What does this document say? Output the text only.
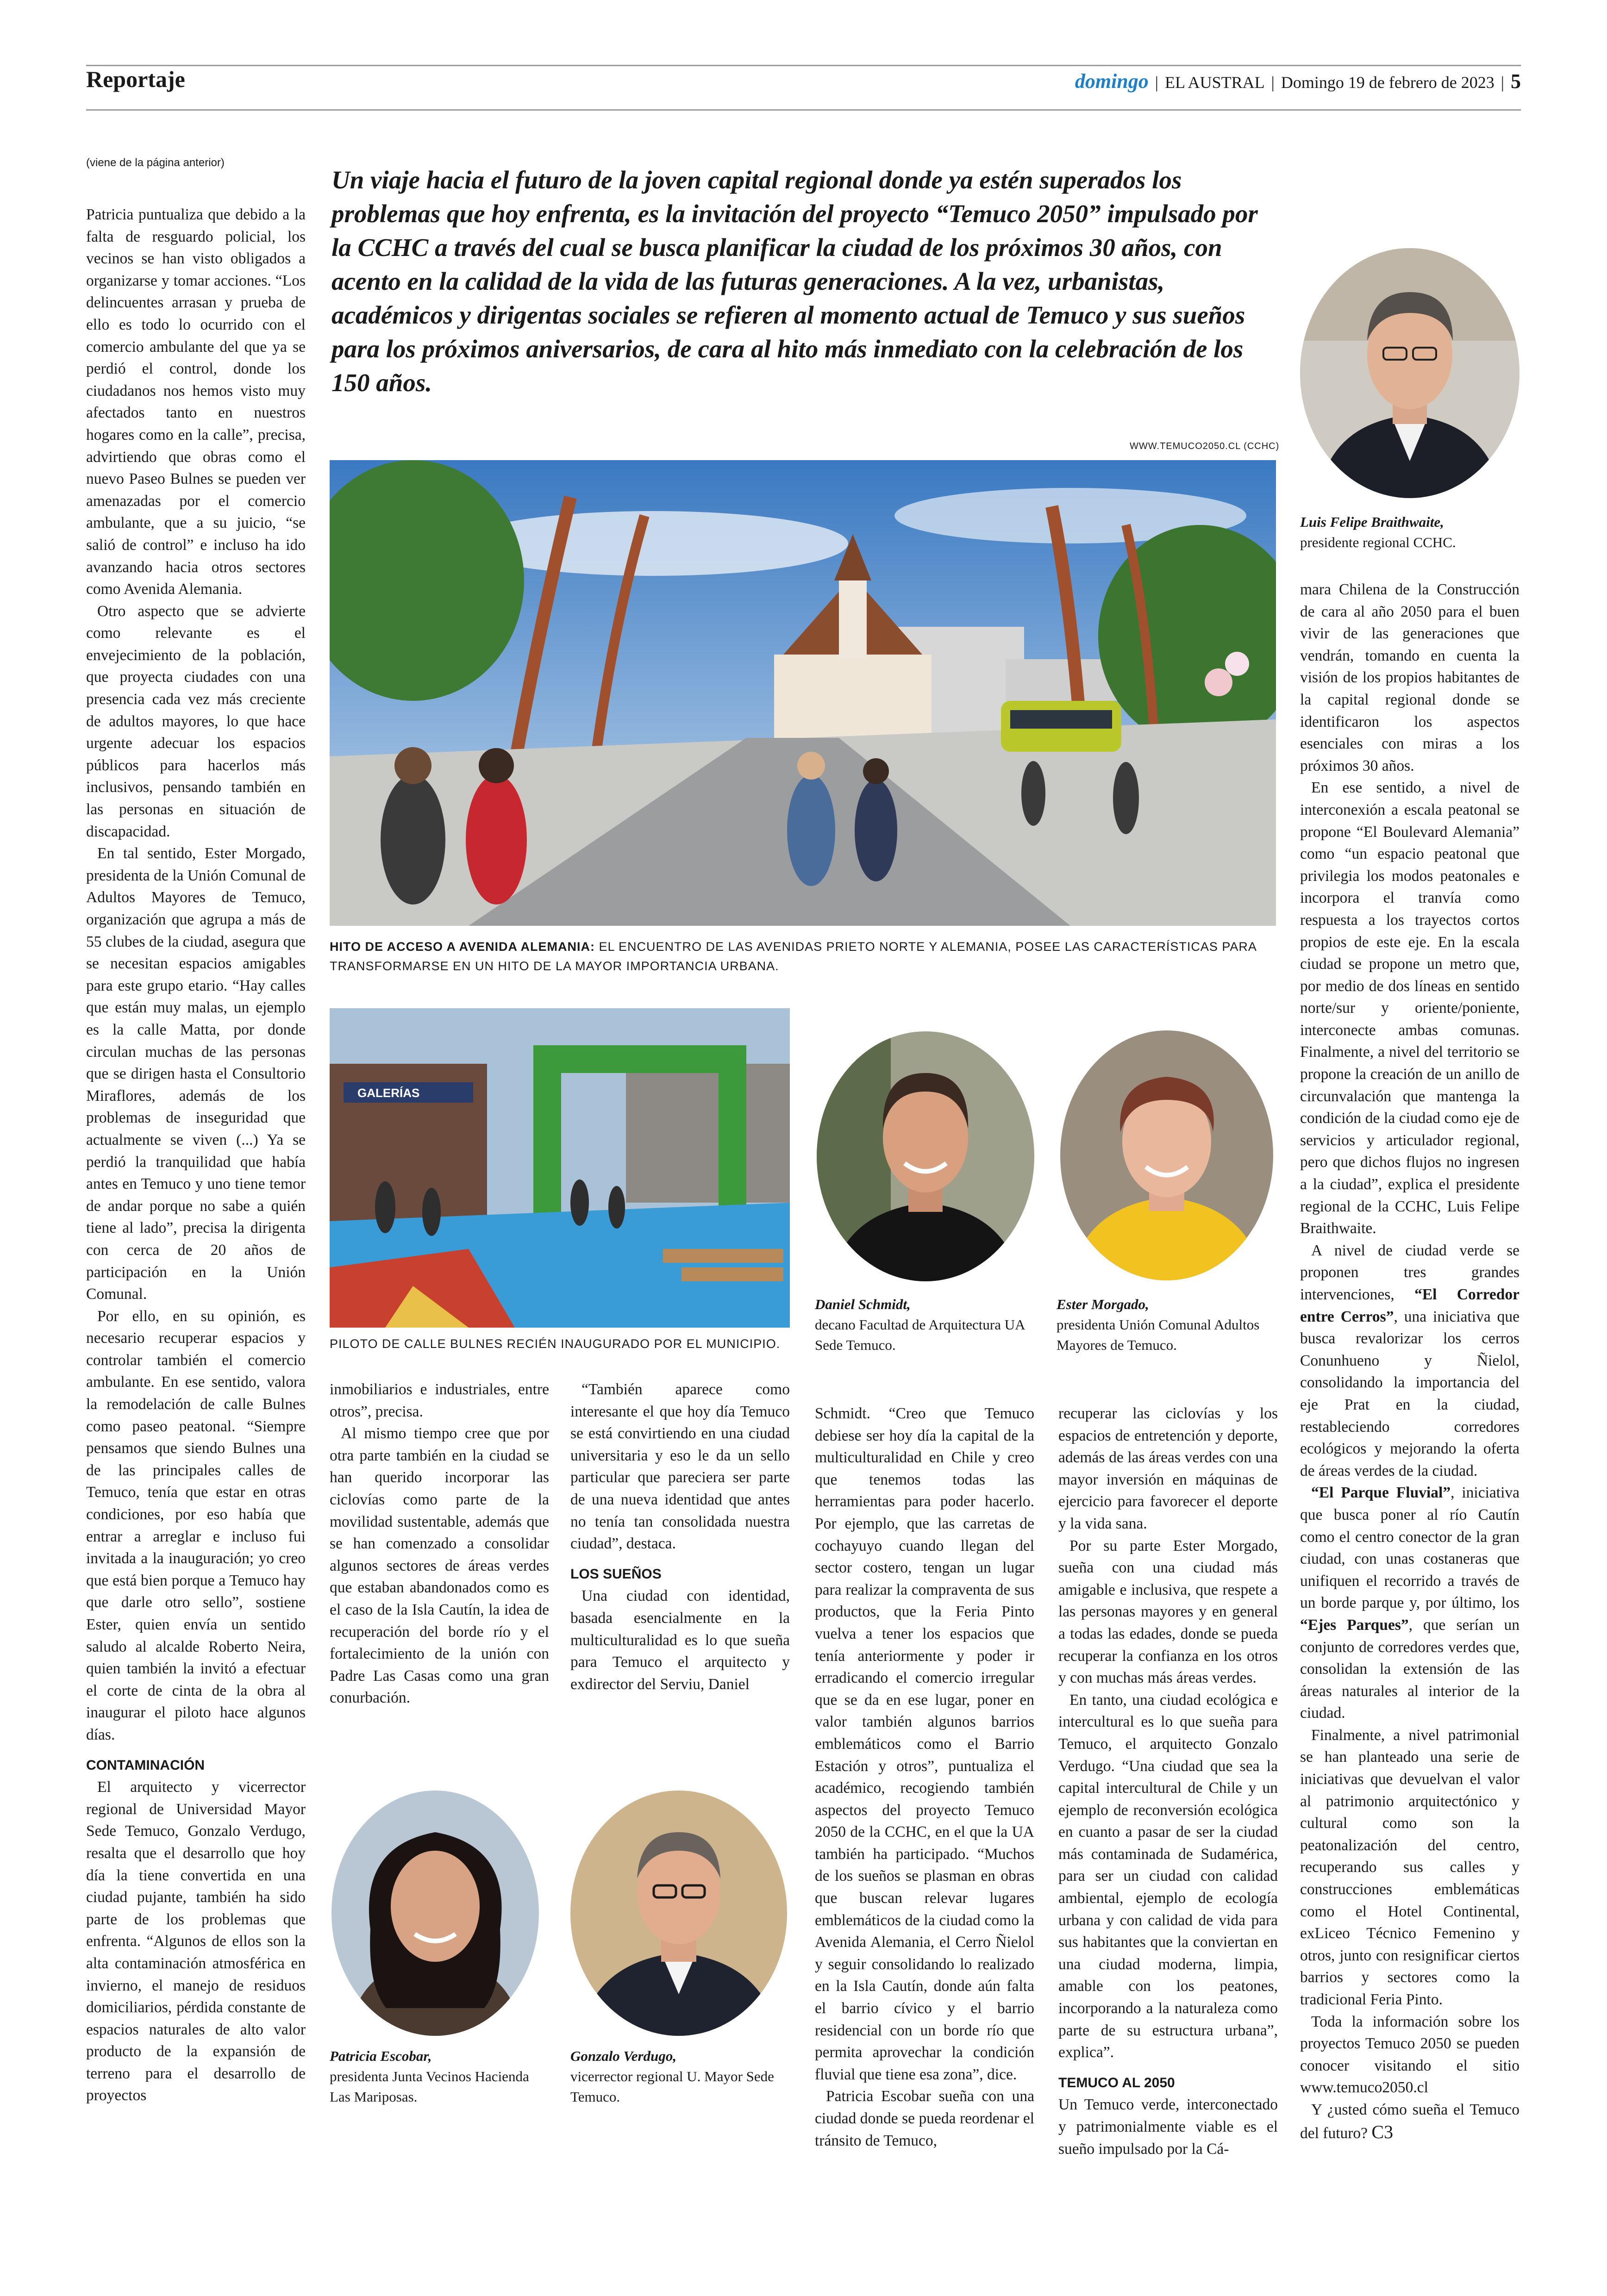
Reportaje	domingo | EL AUSTRAL | Domingo 19 de febrero de 2023 | 5
(viene de la página anterior)
Un viaje hacia el futuro de la joven capital regional donde ya estén superados los problemas que hoy enfrenta, es la invitación del proyecto “Temuco 2050” impulsado por la CCHC a través del cual se busca planificar la ciudad de los próximos 30 años, con acento en la calidad de la vida de las futuras generaciones. A la vez, urbanistas, académicos y dirigentas sociales se refieren al momento actual de Temuco y sus sueños para los próximos aniversarios, de cara al hito más inmediato con la celebración de los 150 años.
Luis Felipe Braithwaite,
presidente regional CCHC.
WWW.TEMUCO2050.CL (CCHC)
HITO DE ACCESO A AVENIDA ALEMANIA: EL ENCUENTRO DE LAS AVENIDAS PRIETO NORTE Y ALEMANIA, POSEE LAS CARACTERÍSTICAS PARA TRANSFORMARSE EN UN HITO DE LA MAYOR IMPORTANCIA URBANA.
GALERÍAS
PILOTO DE CALLE BULNES RECIÉN INAUGURADO POR EL MUNICIPIO.
Daniel Schmidt,
decano Facultad de Arquitectura UA Sede Temuco.
Ester Morgado,
presidenta Unión Comunal Adultos Mayores de Temuco.
Patricia Escobar,
presidenta Junta Vecinos Hacienda Las Mariposas.
Gonzalo Verdugo,
vicerrector regional U. Mayor Sede Temuco.

Patricia puntualiza que debido a la falta de resguardo policial, los vecinos se han visto obligados a organizarse y tomar acciones. “Los delincuentes arrasan y prueba de ello es todo lo ocurrido con el comercio ambulante del que ya se perdió el control, donde los ciudadanos nos hemos visto muy afectados tanto en nuestros hogares como en la calle”, precisa, advirtiendo que obras como el nuevo Paseo Bulnes se pueden ver amenazadas por el comercio ambulante, que a su juicio, “se salió de control” e incluso ha ido avanzando hacia otros sectores como Avenida Alemania.

Otro aspecto que se advierte como relevante es el envejecimiento de la población, que proyecta ciudades con una presencia cada vez más creciente de adultos mayores, lo que hace urgente adecuar los espacios públicos para hacerlos más inclusivos, pensando también en las personas en situación de discapacidad.

En tal sentido, Ester Morgado, presidenta de la Unión Comunal de Adultos Mayores de Temuco, organización que agrupa a más de 55 clubes de la ciudad, asegura que se necesitan espacios amigables para este grupo etario. “Hay calles que están muy malas, un ejemplo es la calle Matta, por donde circulan muchas de las personas que se dirigen hasta el Consultorio Miraflores, además de los problemas de inseguridad que actualmente se viven (...) Ya se perdió la tranquilidad que había antes en Temuco y uno tiene temor de andar porque no sabe a quién tiene al lado”, precisa la dirigenta con cerca de 20 años de participación en la Unión Comunal.

Por ello, en su opinión, es necesario recuperar espacios y controlar también el comercio ambulante. En ese sentido, valora la remodelación de calle Bulnes como paseo peatonal. “Siempre pensamos que siendo Bulnes una de las principales calles de Temuco, tenía que estar en otras condiciones, por eso había que entrar a arreglar e incluso fui invitada a la inauguración; yo creo que está bien porque a Temuco hay que darle otro sello”, sostiene Ester, quien envía un sentido saludo al alcalde Roberto Neira, quien también la invitó a efectuar el corte de cinta de la obra al inaugurar el piloto hace algunos días.

CONTAMINACIÓN

El arquitecto y vicerrector regional de Universidad Mayor Sede Temuco, Gonzalo Verdugo, resalta que el desarrollo que hoy día la tiene convertida en una ciudad pujante, también ha sido parte de los problemas que enfrenta. “Algunos de ellos son la alta contaminación atmosférica en invierno, el manejo de residuos domiciliarios, pérdida constante de espacios naturales de alto valor producto de la expansión de terreno para el desarrollo de proyectos

inmobiliarios e industriales, entre otros”, precisa.

Al mismo tiempo cree que por otra parte también en la ciudad se han querido incorporar las ciclovías como parte de la movilidad sustentable, además que se han comenzado a consolidar algunos sectores de áreas verdes que estaban abandonados como es el caso de la Isla Cautín, la idea de recuperación del borde río y el fortalecimiento de la unión con Padre Las Casas como una gran conurbación.

“También aparece como interesante el que hoy día Temuco se está convirtiendo en una ciudad universitaria y eso le da un sello particular que pareciera ser parte de una nueva identidad que antes no tenía tan consolidada nuestra ciudad”, destaca.

LOS SUEÑOS

Una ciudad con identidad, basada esencialmente en la multiculturalidad es lo que sueña para Temuco el arquitecto y exdirector del Serviu, Daniel

Schmidt. “Creo que Temuco debiese ser hoy día la capital de la multiculturalidad en Chile y creo que tenemos todas las herramientas para poder hacerlo. Por ejemplo, que las carretas de cochayuyo cuando llegan del sector costero, tengan un lugar para realizar la compraventa de sus productos, que la Feria Pinto vuelva a tener los espacios que tenía anteriormente y poder ir erradicando el comercio irregular que se da en ese lugar, poner en valor también algunos barrios emblemáticos como el Barrio Estación y otros”, puntualiza el académico, recogiendo también aspectos del proyecto Temuco 2050 de la CCHC, en el que la UA también ha participado. “Muchos de los sueños se plasman en obras que buscan relevar lugares emblemáticos de la ciudad como la Avenida Alemania, el Cerro Ñielol y seguir consolidando lo realizado en la Isla Cautín, donde aún falta el barrio cívico y el barrio residencial con un borde río que permita aprovechar la condición fluvial que tiene esa zona”, dice.

Patricia Escobar sueña con una ciudad donde se pueda reordenar el tránsito de Temuco,

recuperar las ciclovías y los espacios de entretención y deporte, además de las áreas verdes con una mayor inversión en máquinas de ejercicio para favorecer el deporte y la vida sana.

Por su parte Ester Morgado, sueña con una ciudad más amigable e inclusiva, que respete a las personas mayores y en general a todas las edades, donde se pueda recuperar la confianza en los otros y con muchas más áreas verdes.

En tanto, una ciudad ecológica e intercultural es lo que sueña para Temuco, el arquitecto Gonzalo Verdugo. “Una ciudad que sea la capital intercultural de Chile y un ejemplo de reconversión ecológica en cuanto a pasar de ser la ciudad más contaminada de Sudamérica, para ser un ciudad con calidad ambiental, ejemplo de ecología urbana y con calidad de vida para sus habitantes que la conviertan en una ciudad moderna, limpia, amable con los peatones, incorporando a la naturaleza como parte de su estructura urbana”, explica”.

TEMUCO AL 2050

Un Temuco verde, interconectado y patrimonialmente viable es el sueño impulsado por la Cá-

mara Chilena de la Construcción de cara al año 2050 para el buen vivir de las generaciones que vendrán, tomando en cuenta la visión de los propios habitantes de la capital regional donde se identificaron los aspectos esenciales con miras a los próximos 30 años.

En ese sentido, a nivel de interconexión a escala peatonal se propone “El Boulevard Alemania” como “un espacio peatonal que privilegia los modos peatonales e incorpora el tranvía como respuesta a los trayectos cortos propios de este eje. En la escala ciudad se propone un metro que, por medio de dos líneas en sentido norte/sur y oriente/poniente, interconecte ambas comunas. Finalmente, a nivel del territorio se propone la creación de un anillo de circunvalación que mantenga la condición de la ciudad como eje de servicios y articulador regional, pero que dichos flujos no ingresen a la ciudad”, explica el presidente regional de la CCHC, Luis Felipe Braithwaite.

A nivel de ciudad verde se proponen tres grandes intervenciones, “El Corredor entre Cerros”, una iniciativa que busca revalorizar los cerros Conunhueno y Ñielol, consolidando la importancia del eje Prat en la ciudad, restableciendo corredores ecológicos y mejorando la oferta de áreas verdes de la ciudad.

“El Parque Fluvial”, iniciativa que busca poner al río Cautín como el centro conector de la gran ciudad, con unas costaneras que unifiquen el recorrido a través de un borde parque y, por último, los “Ejes Parques”, que serían un conjunto de corredores verdes que, consolidan la extensión de las áreas naturales al interior de la ciudad.

Finalmente, a nivel patrimonial se han planteado una serie de iniciativas que devuelvan el valor al patrimonio arquitectónico y cultural como son la peatonalización del centro, recuperando sus calles y construcciones emblemáticas como el Hotel Continental, exLiceo Técnico Femenino y otros, junto con resignificar ciertos barrios y sectores como la tradicional Feria Pinto.

Toda la información sobre los proyectos Temuco 2050 se pueden conocer visitando el sitio www.temuco2050.cl

Y ¿usted cómo sueña el Temuco del futuro? C3
